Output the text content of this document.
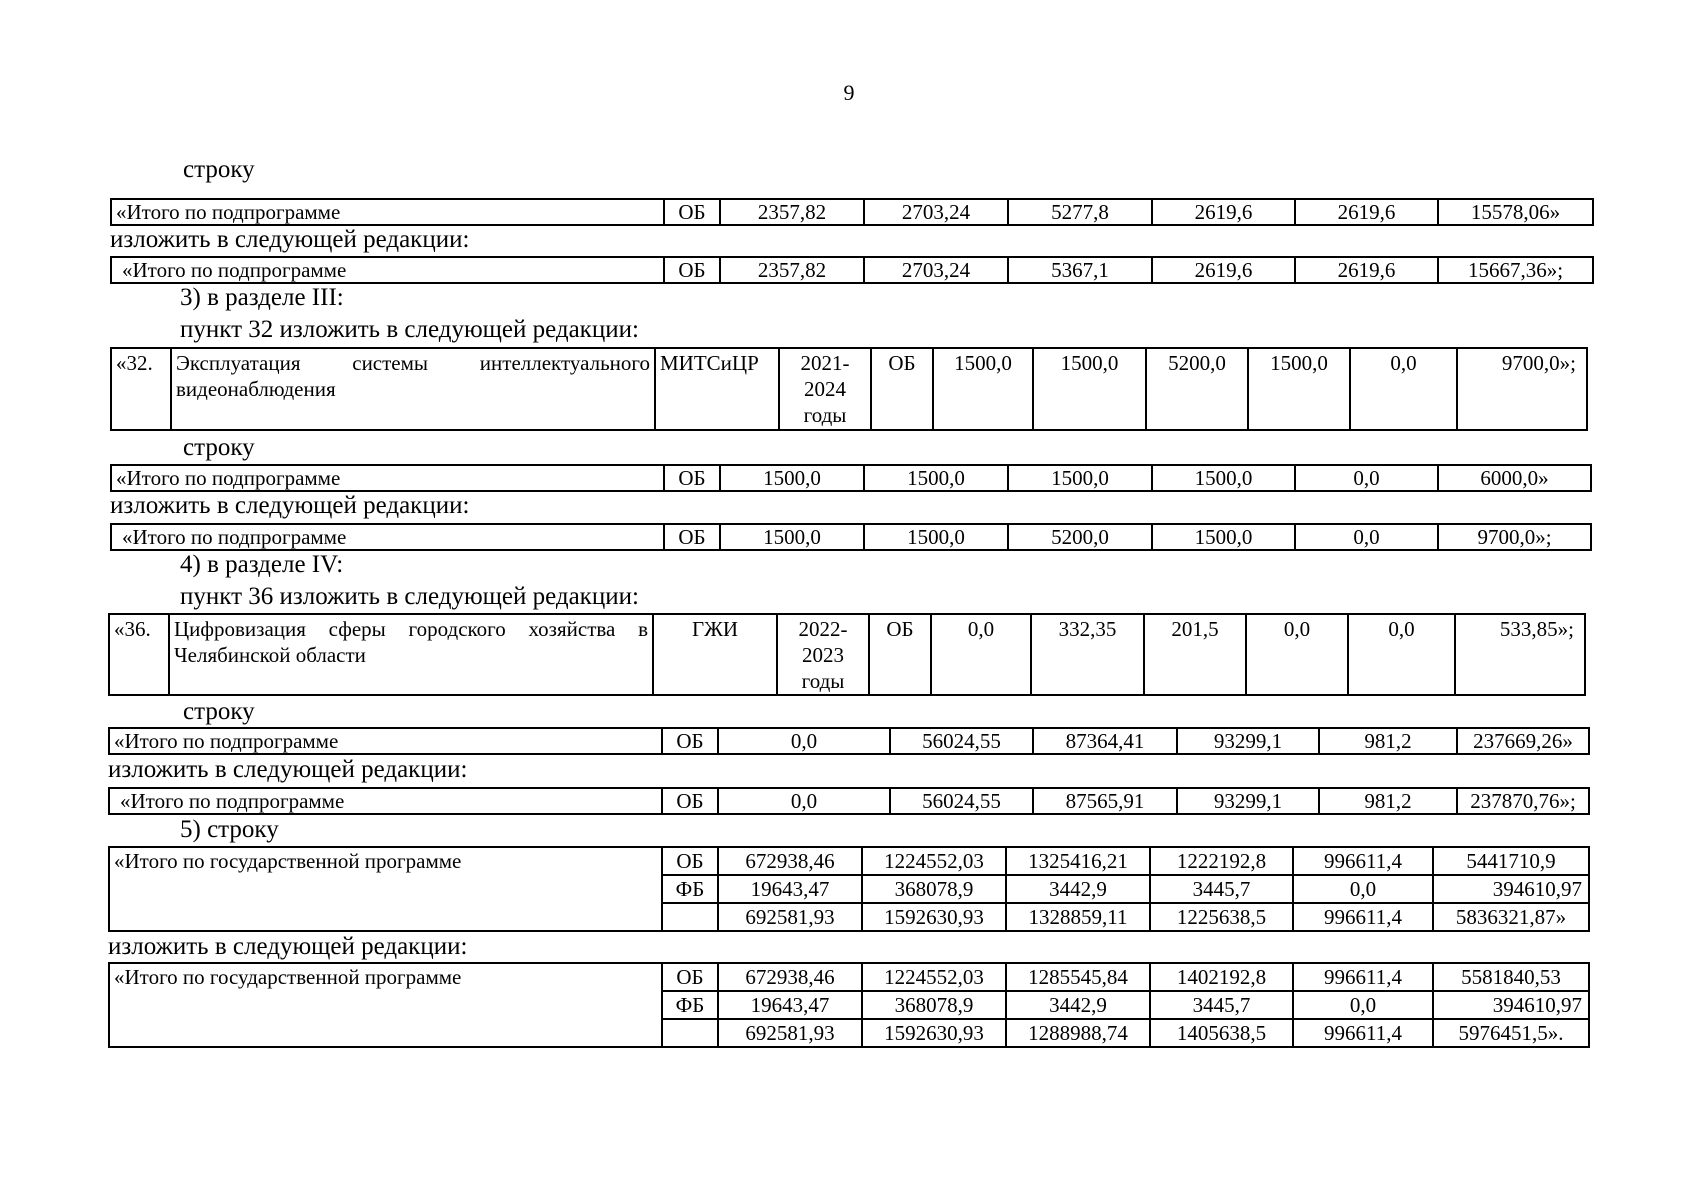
9
строку
«Итого по подпрограмме	ОБ	2357,82	2703,24	5277,8	2619,6	2619,6	15578,06»
изложить в следующей редакции:
«Итого по подпрограмме	ОБ	2357,82	2703,24	5367,1	2619,6	2619,6	15667,36»;
3) в разделе III:
пункт 32 изложить в следующей редакции:
«32.	Эксплуатация системы интеллектуального видеонаблюдения	МИТСиЦР	2021-2024 годы	ОБ	1500,0	1500,0	5200,0	1500,0	0,0	9700,0»;
строку
«Итого по подпрограмме	ОБ	1500,0	1500,0	1500,0	1500,0	0,0	6000,0»
изложить в следующей редакции:
«Итого по подпрограмме	ОБ	1500,0	1500,0	5200,0	1500,0	0,0	9700,0»;
4) в разделе IV:
пункт 36 изложить в следующей редакции:
«36.	Цифровизация сферы городского хозяйства в Челябинской области	ГЖИ	2022-2023 годы	ОБ	0,0	332,35	201,5	0,0	0,0	533,85»;
строку
«Итого по подпрограмме	ОБ	0,0	56024,55	87364,41	93299,1	981,2	237669,26»
изложить в следующей редакции:
«Итого по подпрограмме	ОБ	0,0	56024,55	87565,91	93299,1	981,2	237870,76»;
5) строку
«Итого по государственной программе	ОБ	672938,46	1224552,03	1325416,21	1222192,8	996611,4	5441710,9
	ФБ	19643,47	368078,9	3442,9	3445,7	0,0	394610,97
		692581,93	1592630,93	1328859,11	1225638,5	996611,4	5836321,87»
изложить в следующей редакции:
«Итого по государственной программе	ОБ	672938,46	1224552,03	1285545,84	1402192,8	996611,4	5581840,53
	ФБ	19643,47	368078,9	3442,9	3445,7	0,0	394610,97
		692581,93	1592630,93	1288988,74	1405638,5	996611,4	5976451,5».
